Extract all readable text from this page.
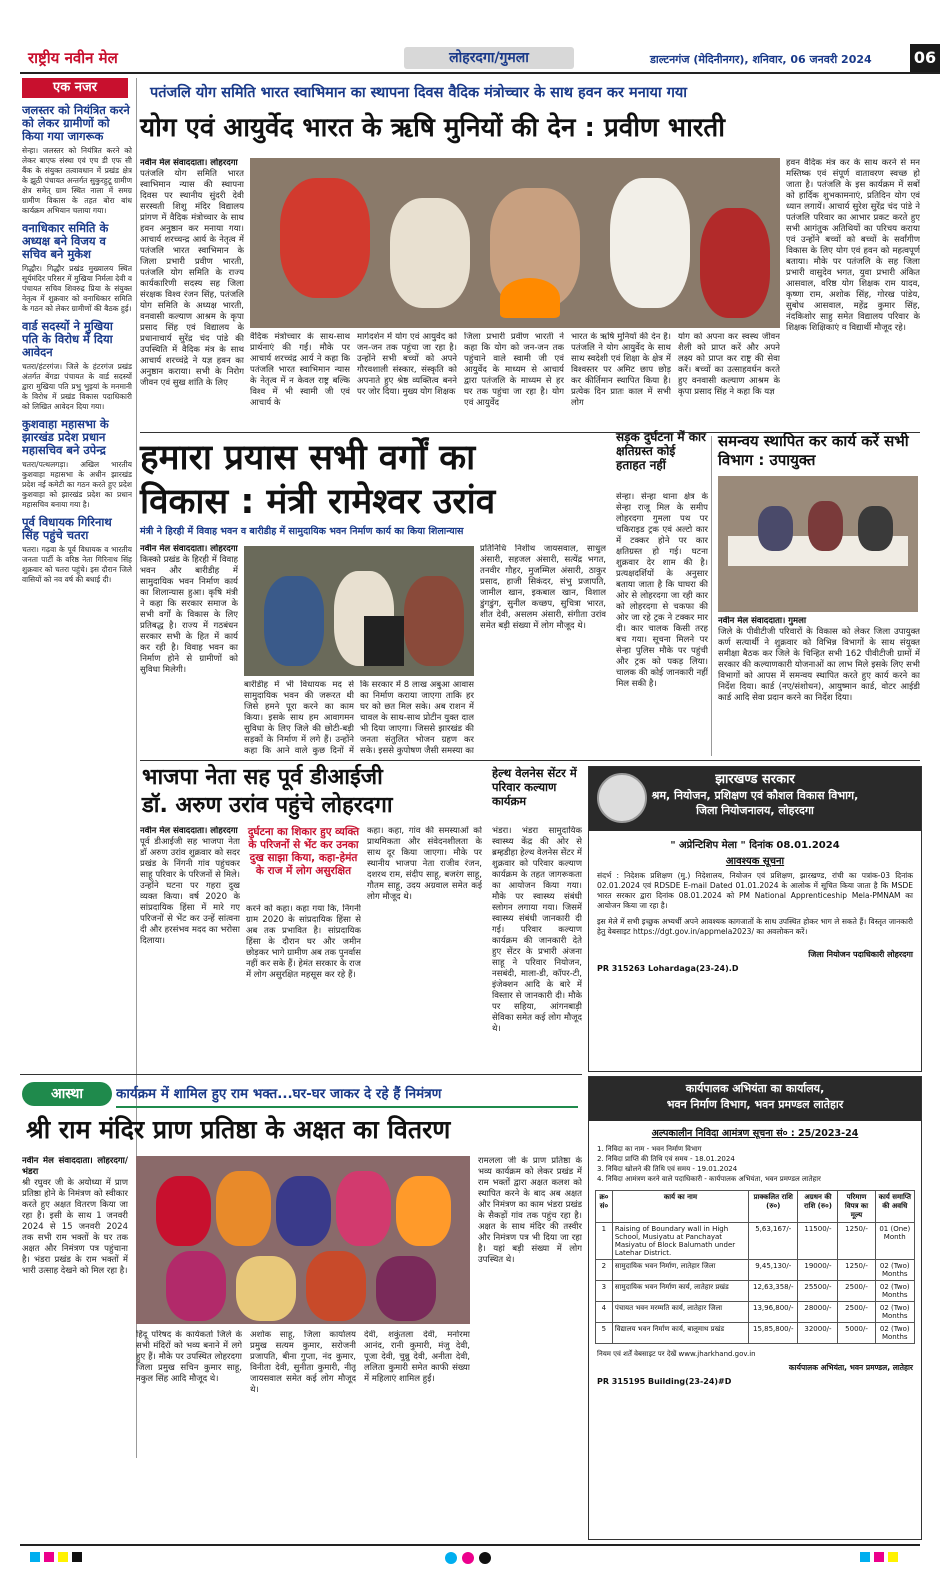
राष्ट्रीय नवीन मेल	लोहरदगा/गुमला	डाल्टनगंज (मेदिनीनगर), शनिवार, 06 जनवरी 2024	06
एक नजर
जलस्तर को नियंत्रित करने को लेकर ग्रामीणों को किया गया जागरूक
सेन्हा। जलस्तर को नियंत्रित करने को लेकर बाएफ संस्था एवं एच डी एफ सी बैंक के संयुक्त तत्वावधान में प्रखंड क्षेत्र के झूठी पंचायत अन्तर्गत सुकुरहुटू ग्रामीण क्षेत्र समेत् ग्राम स्थित नाला में समग्र ग्रामीण विकास के तहत बोरा बांध कार्यक्रम अभियान चलाया गया।
वनाधिकार समिति के अध्यक्ष बने विजय व सचिव बने मुकेश
गिद्धौर। गिद्धौर प्रखंड मुख्यालय स्थित सूर्यमंदिर परिसर में मुखिया निर्मला देवी व पंचायत सचिव शिवरुद्र प्रिया के संयुक्त नेतृत्व में शुक्रवार को वनाधिकार समिति के गठन को लेकर ग्रामीणों की बैठक हुई।
वार्ड सदस्यों ने मुखिया पति के विरोध में दिया आवेदन
चतरा/हंटरगंज। जिले के हंटरगंज प्रखंड अंतर्गत बेंगडा पंचायत के वार्ड सदस्यों द्वारा मुखिया पति प्रभु भुइयां के मनमानी के विरोध में प्रखंड विकास पदाधिकारी को लिखित आवेदन दिया गया।
कुशवाहा महासभा के झारखंड प्रदेश प्रधान महासचिव बने उपेन्द्र
चतरा/पत्थलगड़ा। अखिल भारतीय कुशवाहा महासभा के अधीन झारखंड प्रदेश नई कमेटी का गठन करते हुए प्रदेश कुशवाहा को झारखंड प्रदेश का प्रधान महासचिव बनाया गया है।
पूर्व विधायक गिरिनाथ सिंह पहुंचे चतरा
चतरा। गढ़वा के पूर्व विधायक व भारतीय जनता पार्टी के वरिष्ठ नेता गिरिनाथ सिंह शुक्रवार को चतरा पहुंचे। इस दौरान जिले वासियों को नव वर्ष की बधाई दी।
पतंजलि योग समिति भारत स्वाभिमान का स्थापना दिवस वैदिक मंत्रोच्चार के साथ हवन कर मनाया गया
योग एवं आयुर्वेद भारत के ऋषि मुनियों की देन : प्रवीण भारती

नवीन मेल संवाददाता। लोहरदगा

पतंजलि योग समिति भारत स्वाभिमान न्यास की स्थापना दिवस पर स्थानीय सुंदरी देवी सरस्वती शिशु मंदिर विद्यालय प्रांगण में वैदिक मंत्रोच्चार के साथ हवन अनुष्ठान कर मनाया गया। आचार्य शरच्चन्द्र आर्य के नेतृत्व में पतंजलि भारत स्वाभिमान के जिला प्रभारी प्रवीण भारती, पतंजलि योग समिति के राज्य कार्यकारिणी सदस्य सह जिला संरक्षक विश्व रंजन सिंह, पतंजलि योग समिति के अध्यक्ष भारती, वनवासी कल्याण आश्रम के कृपा प्रसाद सिंह एवं विद्यालय के प्रधानाचार्य सुरेंद्र चंद पांडे की उपस्थिति में वैदिक मंत्र के साथ आचार्य शरच्चंद्रे ने यज्ञ हवन का अनुष्ठान कराया। सभी के निरोग जीवन एवं सुख शांति के लिए

वैदिक मंत्रोच्चार के साथ-साथ प्रार्थनाएं की गईं। मौके पर आचार्य शरच्चंद्र आर्य ने कहा कि पतंजलि भारत स्वाभिमान न्यास के नेतृत्व में न केवल राष्ट्र बल्कि विश्व में भी स्वामी जी एवं आचार्य के
मार्गदर्शन में योग एवं आयुर्वेद को जन-जन तक पहुंचा जा रहा है। उन्होंने सभी बच्चों को अपने गौरवशाली संस्कार, संस्कृति को अपनाते हुए श्रेष्ठ व्यक्तित्व बनने पर जोर दिया। मुख्य योग शिक्षक
जिला प्रभारी प्रवीण भारती ने कहा कि योग को जन-जन तक पहुंचाने वाले स्वामी जी एवं आयुर्वेद के माध्यम से आचार्य द्वारा पतंजलि के माध्यम से हर घर तक पहुंचा जा रहा है। योग एवं आयुर्वेद
भारत के ऋषि मुनियों की देन है। पतंजलि ने योग आयुर्वेद के साथ साथ स्वदेशी एवं शिक्षा के क्षेत्र में विश्वस्तर पर अमिट छाप छोड़ कर कीर्तिमान स्थापित किया है। प्रत्येक दिन प्रातः काल में सभी लोग
योग को अपना कर स्वस्थ जीवन शैली को प्राप्त करें और अपने लक्ष्य को प्राप्त कर राष्ट्र की सेवा करें। बच्चों का उत्साहवर्धन करते हुए वनवासी कल्याण आश्रम के कृपा प्रसाद सिंह ने कहा कि यज्ञ
हवन वैदिक मंत्र कर के साथ करने से मन मस्तिष्क एवं संपूर्ण वातावरण स्वच्छ हो जाता है। पतंजलि के इस कार्यक्रम में सबों को हार्दिक शुभकामनाएं, प्रतिदिन योग एवं ध्यान लगायें। आचार्य सुरेश सुरेंद्र चंद पांडे ने पतंजलि परिवार का आभार प्रकट करते हुए सभी आगंतुक अतिथियों का परिचय कराया एवं उन्होंने बच्चों को बच्चों के सर्वांगीण विकास के लिए योग एवं हवन को महत्वपूर्ण बताया। मौके पर पतंजलि के सह जिला प्रभारी वासुदेव भगत, युवा प्रभारी अंकित आसवाल, वरिष्ठ योग शिक्षक राम यादव, कृष्णा राम, अशोक सिंह, गोरख पांडेय, सुबोध आसवाल, महेंद्र कुमार सिंह, नंदकिशोर साहु समेत विद्यालय परिवार के शिक्षक शिक्षिकाएं व विद्यार्थी मौजूद रहे।
हमारा प्रयास सभी वर्गों का
विकास : मंत्री रामेश्वर उरांव
मंत्री ने हिरही में विवाह भवन व बारीडीह में सामुदायिक भवन निर्माण कार्य का किया शिलान्यास

नवीन मेल संवाददाता। लोहरदगा

किस्को प्रखंड के हिरही में विवाह भवन और बारीडीह में सामुदायिक भवन निर्माण कार्य का शिलान्यास हुआ। कृषि मंत्री ने कहा कि सरकार समाज के सभी वर्गों के विकास के लिए प्रतिबद्ध है। राज्य में गठबंधन सरकार सभी के हित में कार्य कर रही है। विवाह भवन का निर्माण होने से ग्रामीणों को सुविधा मिलेगी।

बारीडीह में भी विधायक मद से सामुदायिक भवन की जरूरत थी जिसे हमने पूरा करने का काम किया। इसके साथ हम आवागमन सुविधा के लिए जिले की छोटी-बड़ी सड़कों के निर्माण में लगे हैं। उन्होंने कहा कि आने वाले कुछ दिनों में
कि सरकार में 8 लाख अबुआ आवास का निर्माण कराया जाएगा ताकि हर घर को छत मिल सके। अब राशन में चावल के साथ-साथ प्रोटीन युक्त दाल भी दिया जाएगा। जिससे झारखंड की जनता संतुलित भोजन ग्रहण कर सके। इससे कुपोषण जैसी समस्या का
प्रतिनिधि निशीथ जायसवाल, साधुल अंसारी, सहजल अंसारी, सत्येंद्र भगत, तनवीर गौहर, मुजम्मिल अंसारी, ठाकुर प्रसाद, हाजी सिकंदर, संभु प्रजापति, जामील खान, इकबाल खान, विशाल डुंगडुंग, सुनील कच्छप, सुचित्रा भारत, शीत देवी, असलम अंसारी, संगीता उरांव समेत बड़ी संख्या में लोग मौजूद थे।
सड़क दुर्घटना में कार क्षतिग्रस्त कोई हताहत नहीं
सेन्हा। सेन्हा थाना क्षेत्र के सेन्हा राजू मिल के समीप लोहरदगा गुमला पथ पर चकिराइड ट्रक एवं अल्टो कार में टक्कर होने पर कार क्षतिग्रस्त हो गई। घटना शुक्रवार देर शाम की है। प्रत्यक्षदर्शियों के अनुसार बताया जाता है कि घाघरा की ओर से लोहरदगा जा रही कार को लोहरदगा से चकफा की ओर जा रहे ट्रक ने टक्कर मार दी। कार चालक किसी तरह बच गया। सूचना मिलने पर सेन्हा पुलिस मौके पर पहुंची और ट्रक को पकड़ लिया। चालक की कोई जानकारी नहीं मिल सकी है।
समन्वय स्थापित कर कार्य करें सभी विभाग : उपायुक्त

नवीन मेल संवाददाता। गुमला

जिले के पीवीटीजी परिवारों के विकास को लेकर जिला उपायुक्त कर्ण सत्यार्थी ने शुक्रवार को विभिन्न विभागों के साथ संयुक्त समीक्षा बैठक कर जिले के चिन्हित सभी 162 पीवीटीजी ग्रामों में सरकार की कल्याणकारी योजनाओं का लाभ मिले इसके लिए सभी विभागों को आपस में समन्वय स्थापित करते हुए कार्य करने का निर्देश दिया। कार्ड (नए/संशोधन), आयुष्मान कार्ड, वोटर आईडी कार्ड आदि सेवा प्रदान करने का निर्देश दिया।

भाजपा नेता सह पूर्व डीआईजी
डॉ. अरुण उरांव पहुंचे लोहरदगा

नवीन मेल संवाददाता। लोहरदगा

पूर्व डीआईजी सह भाजपा नेता डॉ अरुण उरांव शुक्रवार को सदर प्रखंड के निंगनी गांव पहुंचकर साहू परिवार के परिजनों से मिले। उन्होंने घटना पर गहरा दुख व्यक्त किया। वर्ष 2020 के सांप्रदायिक हिंसा में मारे गए परिजनों से भेंट कर उन्हें सांत्वना दी और हरसंभव मदद का भरोसा दिलाया।

दुर्घटना का शिकार हुए व्यक्ति के परिजनों से भेंट कर उनका दुख साझा किया, कहा-हेमंत के राज में लोग असुरक्षित
करने को कहा। कहा गया कि, निंगनी ग्राम 2020 के सांप्रदायिक हिंसा से अब तक प्रभावित है। सांप्रदायिक हिंसा के दौरान घर और जमीन छोड़कर भागे ग्रामीण अब तक पुनर्वास नहीं कर सके हैं। हेमंत सरकार के राज में लोग असुरक्षित महसूस कर रहे हैं।
कहा। कहा, गांव की समस्याओं को प्राथमिकता और संवेदनशीलता के साथ दूर किया जाएगा। मौके पर स्थानीय भाजपा नेता राजीव रंजन, दशरथ राम, संदीप साहू, बजरंग साहू, गौतम साहू, उदय अग्रवाल समेत कई लोग मौजूद थे।
हेल्थ वेलनेस सेंटर में परिवार कल्याण कार्यक्रम
भंडरा। भंडरा सामुदायिक स्वास्थ्य केंद्र की ओर से ब्रम्हडीहा हेल्थ वेलनेस सेंटर में शुक्रवार को परिवार कल्याण कार्यक्रम के तहत जागरूकता का आयोजन किया गया। मौके पर स्वास्थ्य संबंधी स्लोगन लगाया गया। जिसमें स्वास्थ्य संबंधी जानकारी दी गई। परिवार कल्याण कार्यक्रम की जानकारी देते हुए सेंटर के प्रभारी अंजना साहू ने परिवार नियोजन, नसबंदी, माला-डी, कॉपर-टी, इंजेक्शन आदि के बारे में विस्तार से जानकारी दी। मौके पर सहिया, आंगनबाड़ी सेविका समेत कई लोग मौजूद थे।
झारखण्ड सरकार
श्रम, नियोजन, प्रशिक्षण एवं कौशल विकास विभाग,
जिला नियोजनालय, लोहरदगा
" अप्रेन्टिशिप मेला " दिनांक 08.01.2024
आवश्यक सूचना
संदर्भ : निदेशक प्रशिक्षण (मु.) निदेशालय, नियोजन एवं प्रशिक्षण, झारखण्ड, रांची का पत्रांक-03 दिनांक 02.01.2024 एवं RDSDE E-mail Dated 01.01.2024 के आलोक में सूचित किया जाता है कि MSDE भारत सरकार द्वारा दिनांक 08.01.2024 को PM National Apprenticeship Mela-PMNAM का आयोजन किया जा रहा है।
इस मेले में सभी इच्छुक अभ्यर्थी अपने आवश्यक कागजातों के साथ उपस्थित होकर भाग ले सकते हैं। विस्तृत जानकारी हेतु वेबसाइट https://dgt.gov.in/appmela2023/ का अवलोकन करें।
जिला नियोजन पदाधिकारी लोहरदगा
PR 315263 Lohardaga(23-24).D
कार्यपालक अभियंता का कार्यालय,
भवन निर्माण विभाग, भवन प्रमण्डल लातेहार
अल्पकालीन निविदा आमंत्रण सूचना सं० : 25/2023-24
1. निविदा का नाम - भवन निर्माण विभाग
2. निविदा प्राप्ति की तिथि एवं समय - 18.01.2024
3. निविदा खोलने की तिथि एवं समय - 19.01.2024
4. निविदा आमंत्रण करने वाले पदाधिकारी - कार्यपालक अभियंता, भवन प्रमण्डल लातेहार
क्र० सं०	कार्य का नाम	प्राक्कलित राशि (रु०)	अग्रधन की राशि (रु०)	परिमाण विपत्र का मूल्य	कार्य समाप्ति की अवधि
1	Raising of Boundary wall in High School, Musiyatu at Panchayat Masiyatu of Block Balumath under Latehar District.	5,63,167/-	11500/-	1250/-	01 (One) Month
2	सामुदायिक भवन निर्माण, लातेहार जिला	9,45,130/-	19000/-	1250/-	02 (Two) Months
3	सामुदायिक भवन निर्माण कार्य, लातेहार प्रखंड	12,63,358/-	25500/-	2500/-	02 (Two) Months
4	पंचायत भवन मरम्मति कार्य, लातेहार जिला	13,96,800/-	28000/-	2500/-	02 (Two) Months
5	विद्यालय भवन निर्माण कार्य, बालूमाथ प्रखंड	15,85,800/-	32000/-	5000/-	02 (Two) Months
नियम एवं शर्तें वेबसाइट पर देखें www.jharkhand.gov.in
कार्यपालक अभियंता, भवन प्रमण्डल, लातेहार
PR 315195 Building(23-24)#D
आस्था	कार्यक्रम में शामिल हुए राम भक्त...घर-घर जाकर दे रहे हैं निमंत्रण
श्री राम मंदिर प्राण प्रतिष्ठा के अक्षत का वितरण

नवीन मेल संवाददाता। लोहरदगा/भंडरा

श्री रघुवर जी के अयोध्या में प्राण प्रतिष्ठा होने के निमंत्रण को स्वीकार करते हुए अक्षत वितरण किया जा रहा है। इसी के साथ 1 जनवरी 2024 से 15 जनवरी 2024 तक सभी राम भक्तों के घर तक अक्षत और निमंत्रण पत्र पहुंचाना है। भंडरा प्रखंड के राम भक्तों में भारी उत्साह देखने को मिल रहा है।

हिंदू परिषद के कार्यकर्ता जिले के सभी मंदिरों को भव्य बनाने में लगे हुए हैं। मौके पर उपस्थित लोहरदगा जिला प्रमुख सचिन कुमार साहू, नकुल सिंह आदि मौजूद थे।
अशोक साहू, जिला कार्यालय प्रमुख सत्यम कुमार, सरोजनी प्रजापति, बीना गुप्ता, नंद कुमार, विनीता देवी, सुनीता कुमारी, नीतू जायसवाल समेत कई लोग मौजूद थे।
देवी, शकुंतला देवी, मनोरमा आनंद, रानी कुमारी, मंजु देवी, पूजा देवी, चुन्नु देवी, अनीता देवी, ललिता कुमारी समेत काफी संख्या में महिलाएं शामिल हुईं।
रामलला जी के प्राण प्रतिष्ठा के भव्य कार्यक्रम को लेकर प्रखंड में राम भक्तों द्वारा अक्षत कलश को स्थापित करने के बाद अब अक्षत और निमंत्रण का काम भंडरा प्रखंड के सैकड़ों गांव तक पहुंच रहा है। अक्षत के साथ मंदिर की तस्वीर और निमंत्रण पत्र भी दिया जा रहा है। यहां बड़ी संख्या में लोग उपस्थित थे।
